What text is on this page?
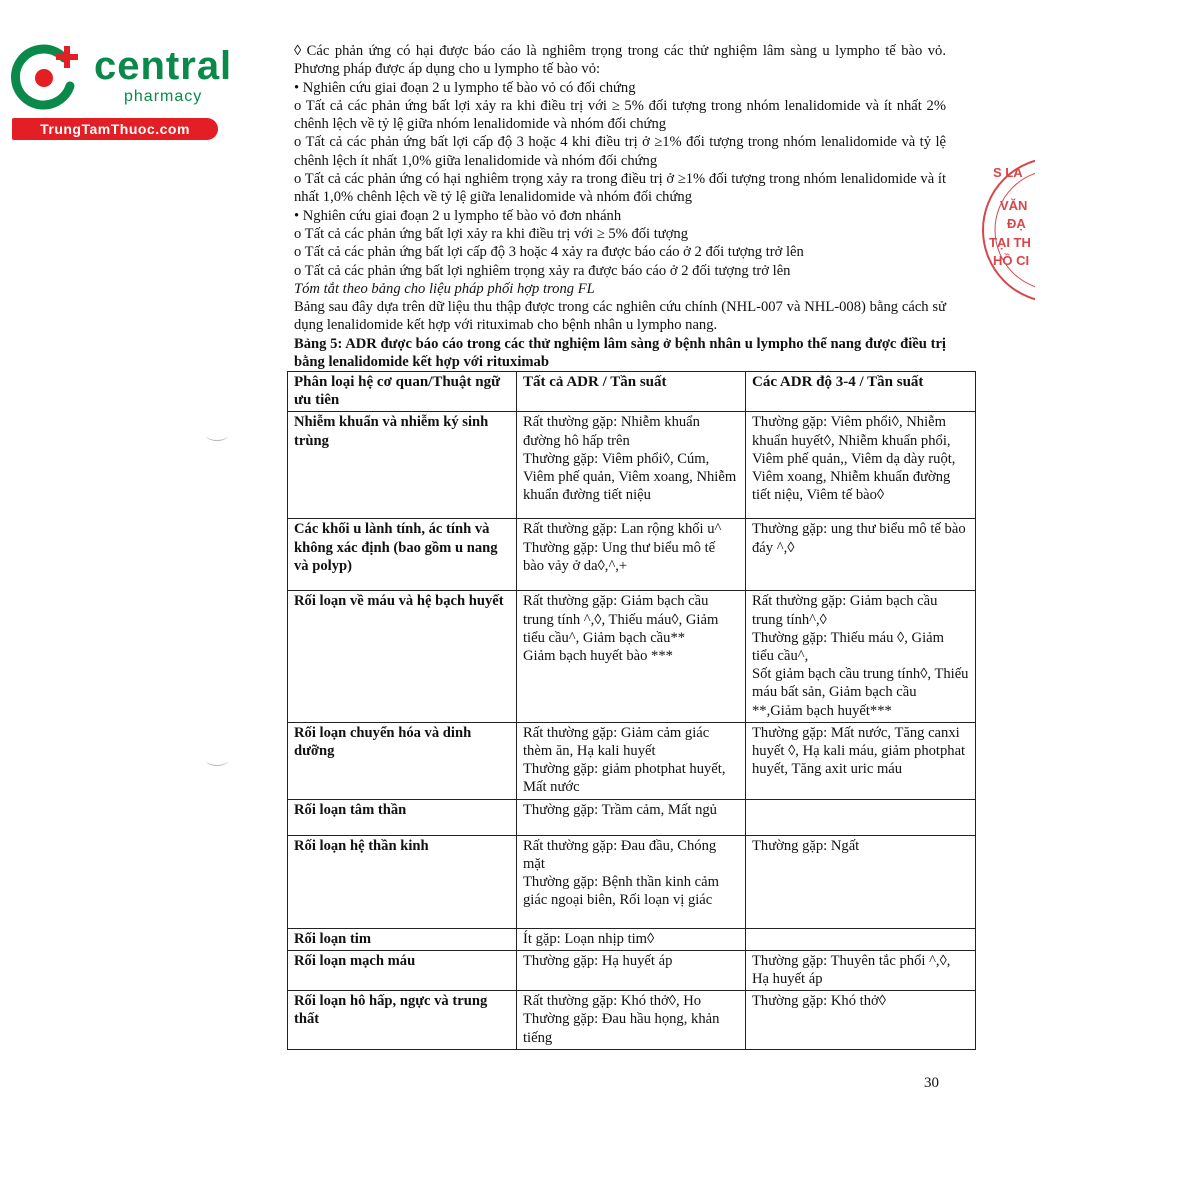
central
pharmacy
TrungTamThuoc.com
S LA
VĂN
ĐẠ
TẠI TH
HỒ CI

◊ Các phản ứng có hại được báo cáo là nghiêm trọng trong các thử nghiệm lâm sàng u lympho tế bào vỏ. Phương pháp được áp dụng cho u lympho tế bào vỏ:

• Nghiên cứu giai đoạn 2 u lympho tế bào vỏ có đối chứng

o Tất cả các phản ứng bất lợi xảy ra khi điều trị với ≥ 5% đối tượng trong nhóm lenalidomide và ít nhất 2% chênh lệch về tỷ lệ giữa nhóm lenalidomide và nhóm đối chứng

o Tất cả các phản ứng bất lợi cấp độ 3 hoặc 4 khi điều trị ở ≥1% đối tượng trong nhóm lenalidomide và tỷ lệ chênh lệch ít nhất 1,0% giữa lenalidomide và nhóm đối chứng

o Tất cả các phản ứng có hại nghiêm trọng xảy ra trong điều trị ở ≥1% đối tượng trong nhóm lenalidomide và ít nhất 1,0% chênh lệch về tỷ lệ giữa lenalidomide và nhóm đối chứng

• Nghiên cứu giai đoạn 2 u lympho tế bào vỏ đơn nhánh

o Tất cả các phản ứng bất lợi xảy ra khi điều trị với ≥ 5% đối tượng

o Tất cả các phản ứng bất lợi cấp độ 3 hoặc 4 xảy ra được báo cáo ở 2 đối tượng trở lên

o Tất cả các phản ứng bất lợi nghiêm trọng xảy ra được báo cáo ở 2 đối tượng trở lên

Tóm tắt theo bảng cho liệu pháp phối hợp trong FL

Bảng sau đây dựa trên dữ liệu thu thập được trong các nghiên cứu chính (NHL-007 và NHL-008) bằng cách sử dụng lenalidomide kết hợp với rituximab cho bệnh nhân u lympho nang.

Bảng 5: ADR được báo cáo trong các thử nghiệm lâm sàng ở bệnh nhân u lympho thể nang được điều trị bằng lenalidomide kết hợp với rituximab

Phân loại hệ cơ quan/Thuật ngữ ưu tiên	Tất cả ADR / Tần suất	Các ADR độ 3-4 / Tần suất
Nhiễm khuẩn và nhiễm ký sinh trùng	Rất thường gặp: Nhiễm khuẩn đường hô hấp trên
Thường gặp: Viêm phổi◊, Cúm, Viêm phế quản, Viêm xoang, Nhiễm khuẩn đường tiết niệu	Thường gặp: Viêm phổi◊, Nhiễm khuẩn huyết◊, Nhiễm khuẩn phổi, Viêm phế quản,, Viêm dạ dày ruột, Viêm xoang, Nhiễm khuẩn đường tiết niệu, Viêm tế bào◊

Các khối u lành tính, ác tính và không xác định (bao gồm u nang và polyp)	Rất thường gặp: Lan rộng khối u^
Thường gặp: Ung thư biểu mô tế bào vảy ở da◊,^,+	Thường gặp: ung thư biểu mô tế bào đáy ^,◊

Rối loạn về máu và hệ bạch huyết	Rất thường gặp: Giảm bạch cầu trung tính ^,◊, Thiếu máu◊, Giảm tiểu cầu^, Giảm bạch cầu**
Giảm bạch huyết bào ***	Rất thường gặp: Giảm bạch cầu trung tính^,◊
Thường gặp: Thiếu máu ◊, Giảm tiểu cầu^,
Sốt giảm bạch cầu trung tính◊, Thiếu máu bất sản, Giảm bạch cầu **,Giảm bạch huyết***

Rối loạn chuyển hóa và dinh dưỡng	Rất thường gặp: Giảm cảm giác thèm ăn, Hạ kali huyết
Thường gặp: giảm photphat huyết, Mất nước	Thường gặp: Mất nước, Tăng canxi huyết ◊, Hạ kali máu, giảm photphat huyết, Tăng axit uric máu

Rối loạn tâm thần	Thường gặp: Trầm cảm, Mất ngủ	

Rối loạn hệ thần kinh	Rất thường gặp: Đau đầu, Chóng mặt
Thường gặp: Bệnh thần kinh cảm giác ngoại biên, Rối loạn vị giác	Thường gặp: Ngất

Rối loạn tim	Ít gặp: Loạn nhịp tim◊	

Rối loạn mạch máu	Thường gặp: Hạ huyết áp	Thường gặp: Thuyên tắc phổi ^,◊, Hạ huyết áp

Rối loạn hô hấp, ngực và trung thất	Rất thường gặp: Khó thở◊, Ho
Thường gặp: Đau hầu họng, khản tiếng	Thường gặp: Khó thở◊
30
